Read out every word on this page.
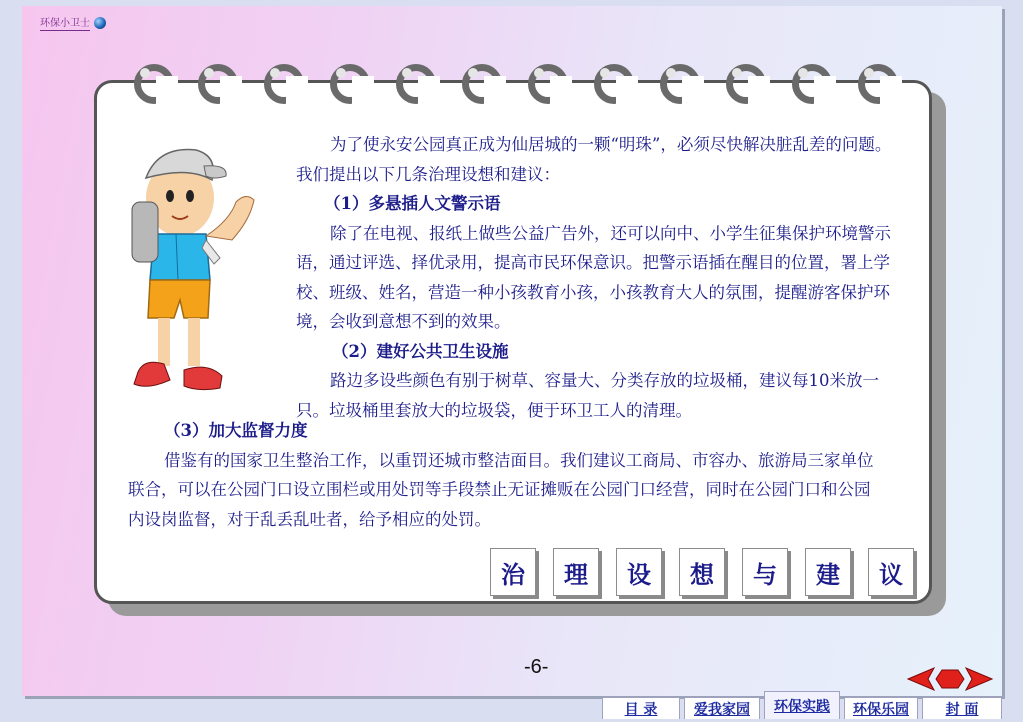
环保小卫士
为了使永安公园真正成为仙居城的一颗“明珠”，必须尽快解决脏乱差的问题。我们提出以下几条治理设想和建议：
（1）多悬插人文警示语
除了在电视、报纸上做些公益广告外，还可以向中、小学生征集保护环境警示语，通过评选、择优录用，提高市民环保意识。把警示语插在醒目的位置，署上学校、班级、姓名，营造一种小孩教育小孩，小孩教育大人的氛围，提醒游客保护环境，会收到意想不到的效果。
（2）建好公共卫生设施
路边多设些颜色有别于树草、容量大、分类存放的垃圾桶，建议每10米放一只。垃圾桶里套放大的垃圾袋，便于环卫工人的清理。
（3）加大监督力度
借鉴有的国家卫生整治工作，以重罚还城市整洁面目。我们建议工商局、市容办、旅游局三家单位联合，可以在公园门口设立围栏或用处罚等手段禁止无证摊贩在公园门口经营，同时在公园门口和公园内设岗监督，对于乱丢乱吐者，给予相应的处罚。
治	理	设	想	与	建	议
-6-
目 录	爱我家园	环保实践	环保乐园	封 面
